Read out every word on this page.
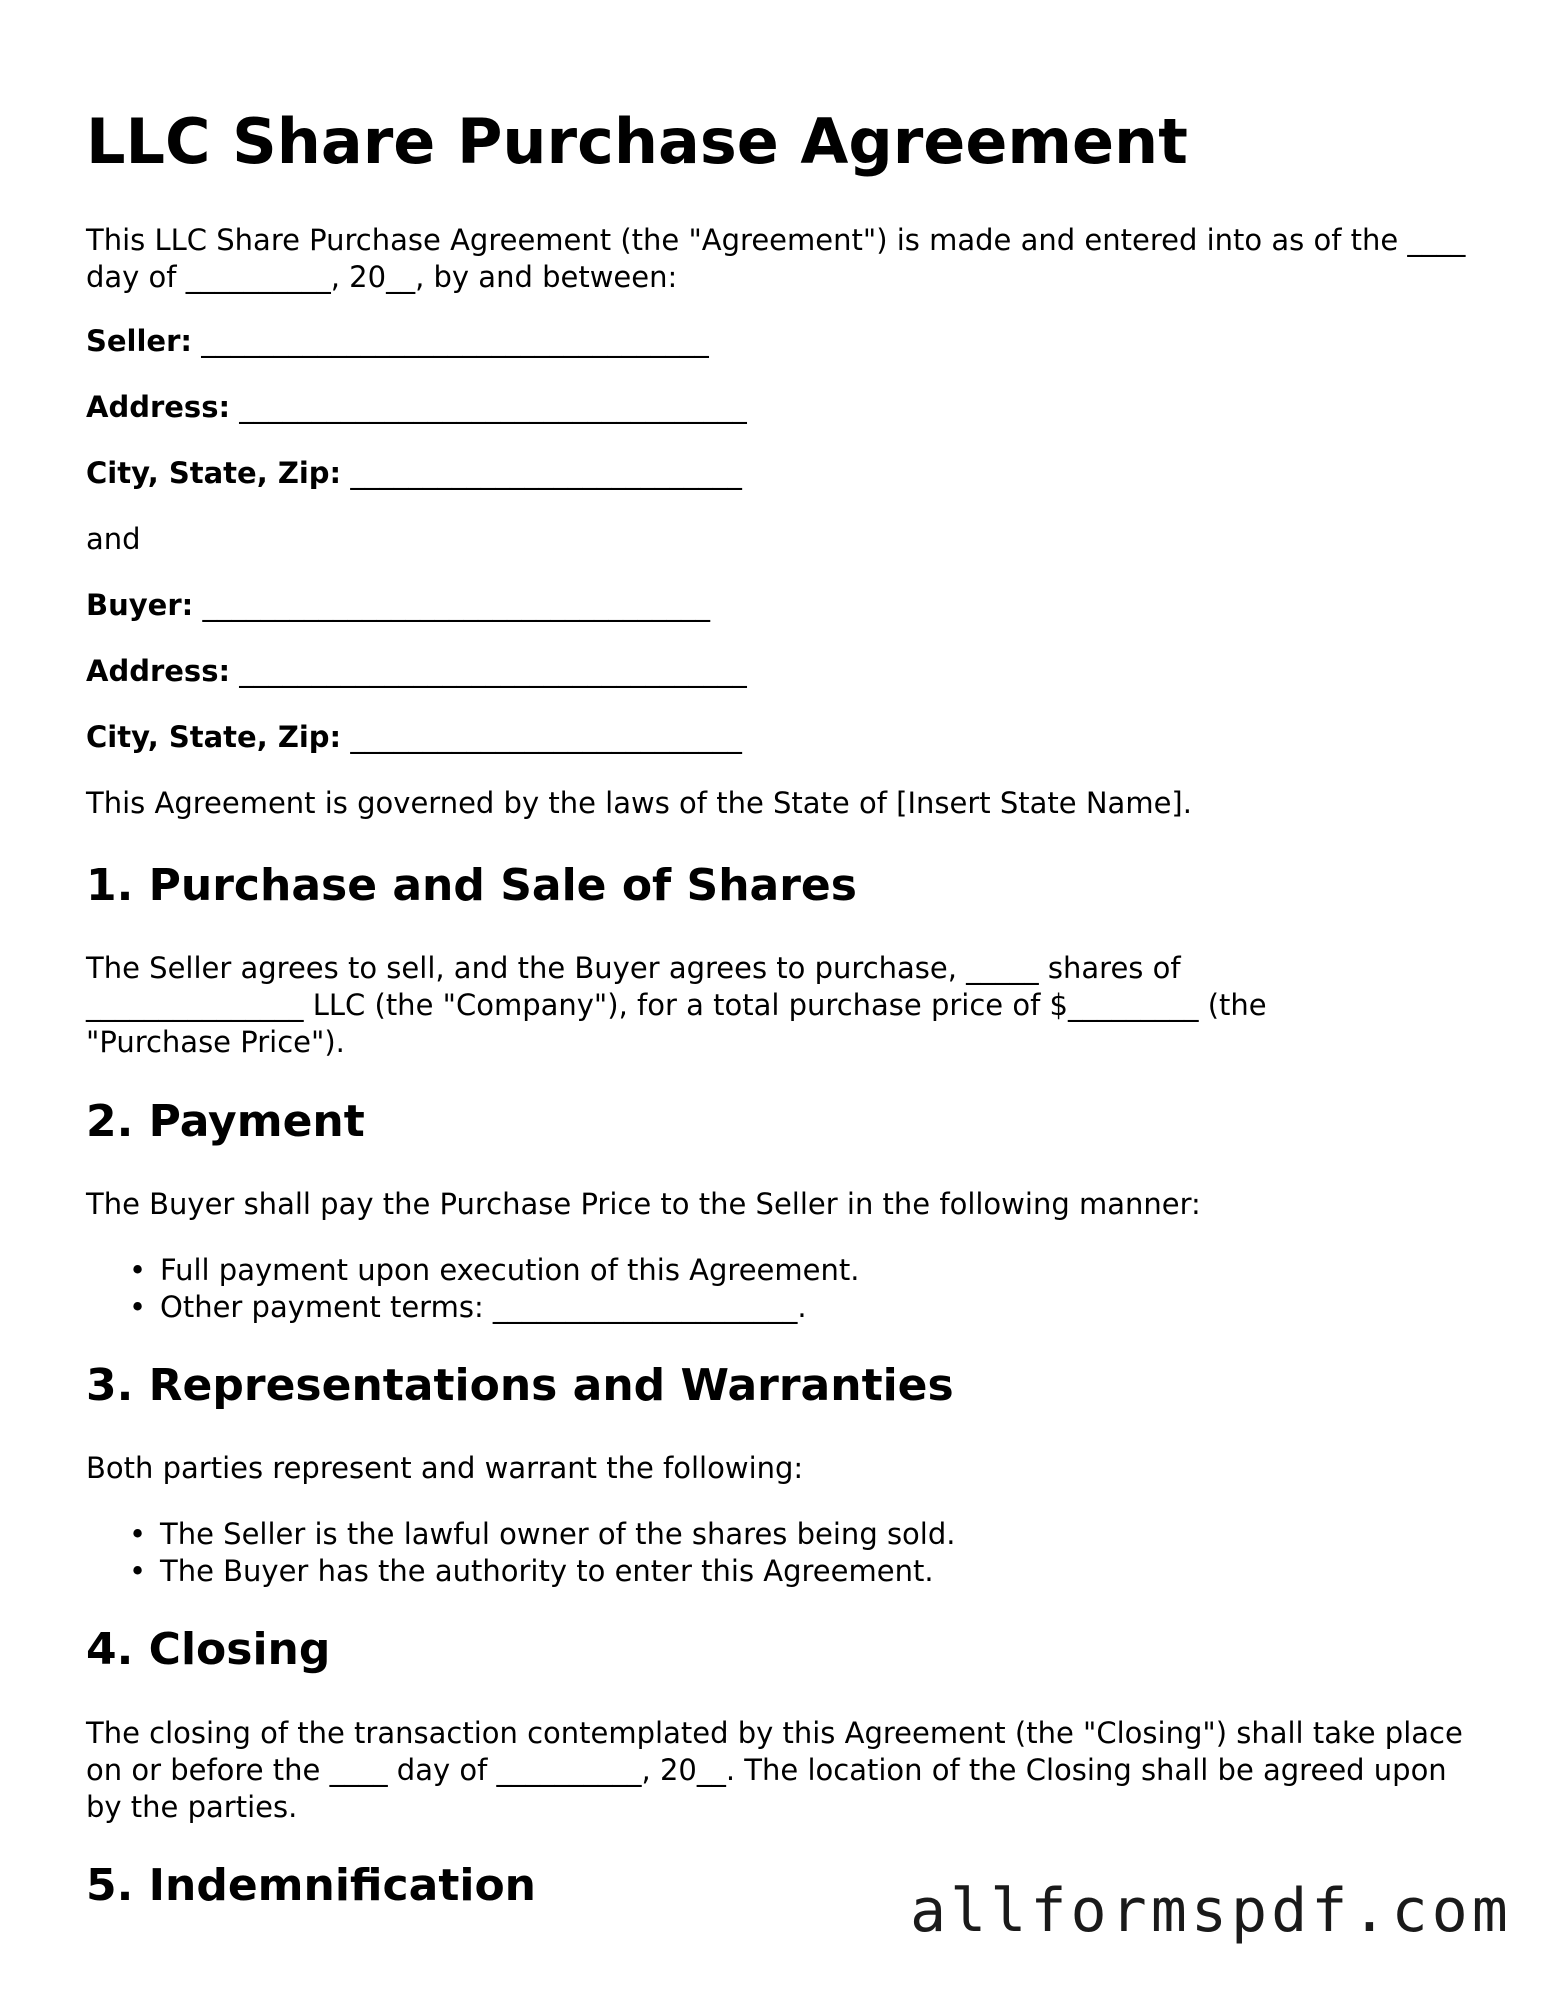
LLC Share Purchase Agreement

This LLC Share Purchase Agreement (the "Agreement") is made and entered into as of the ____ day of __________, 20__, by and between:

Seller: ___________________________________

Address: ___________________________________

City, State, Zip: ___________________________

and

Buyer: ___________________________________

Address: ___________________________________

City, State, Zip: ___________________________

This Agreement is governed by the laws of the State of [Insert State Name].

1. Purchase and Sale of Shares

The Seller agrees to sell, and the Buyer agrees to purchase, _____ shares of _______________ LLC (the "Company"), for a total purchase price of $_________ (the "Purchase Price").

2. Payment

The Buyer shall pay the Purchase Price to the Seller in the following manner:

• Full payment upon execution of this Agreement.
• Other payment terms: _____________________.
3. Representations and Warranties

Both parties represent and warrant the following:

• The Seller is the lawful owner of the shares being sold.
• The Buyer has the authority to enter this Agreement.
4. Closing

The closing of the transaction contemplated by this Agreement (the "Closing") shall take place on or before the ____ day of __________, 20__. The location of the Closing shall be agreed upon by the parties.

5. Indemnification	allformspdf.com
